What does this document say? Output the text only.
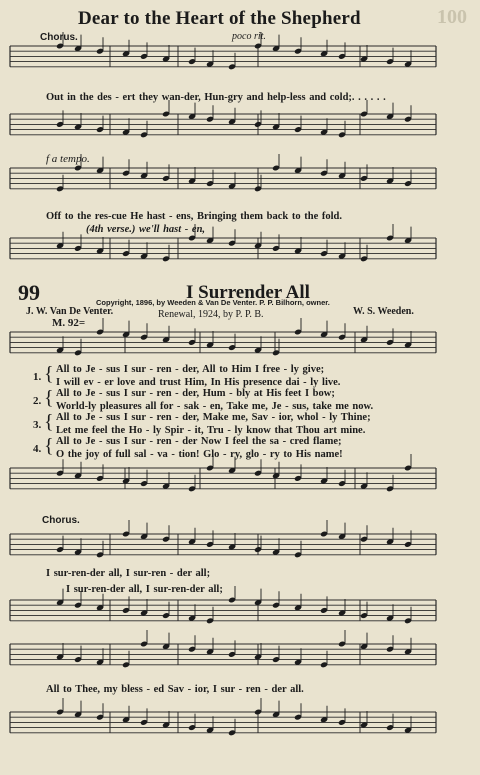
Dear to the Heart of the Shepherd	100
Chorus.	poco rit.
Out in the des - ert they wan-der, Hun-gry and help-less and cold;. . . . . .
f a tempo.
Off to the res-cue He hast - ens, Bringing them back to the fold.
(4th verse.) we'll hast - en,
99	I Surrender All
Copyright, 1896, by Weeden & Van De Venter. P. P. Bilhorn, owner.
J. W. Van De Venter.	Renewal, 1924, by P. P. B.	W. S. Weeden.
M. 92=
1. { All to Je - sus I sur - ren - der, All to Him I free - ly give;
I will ev - er love and trust Him, In His presence dai - ly live.
2. { All to Je - sus I sur - ren - der, Hum - bly at His feet I bow;
World-ly pleasures all for - sak - en, Take me, Je - sus, take me now.
3. { All to Je - sus I sur - ren - der, Make me, Sav - ior, whol - ly Thine;
Let me feel the Ho - ly Spir - it, Tru - ly know that Thou art mine.
4. { All to Je - sus I sur - ren - der Now I feel the sa - cred flame;
O the joy of full sal - va - tion! Glo - ry, glo - ry to His name!
Chorus.
I sur-ren-der all, I sur-ren - der all;
I sur-ren-der all, I sur-ren-der all;
All to Thee, my bless - ed Sav - ior, I sur - ren - der all.
